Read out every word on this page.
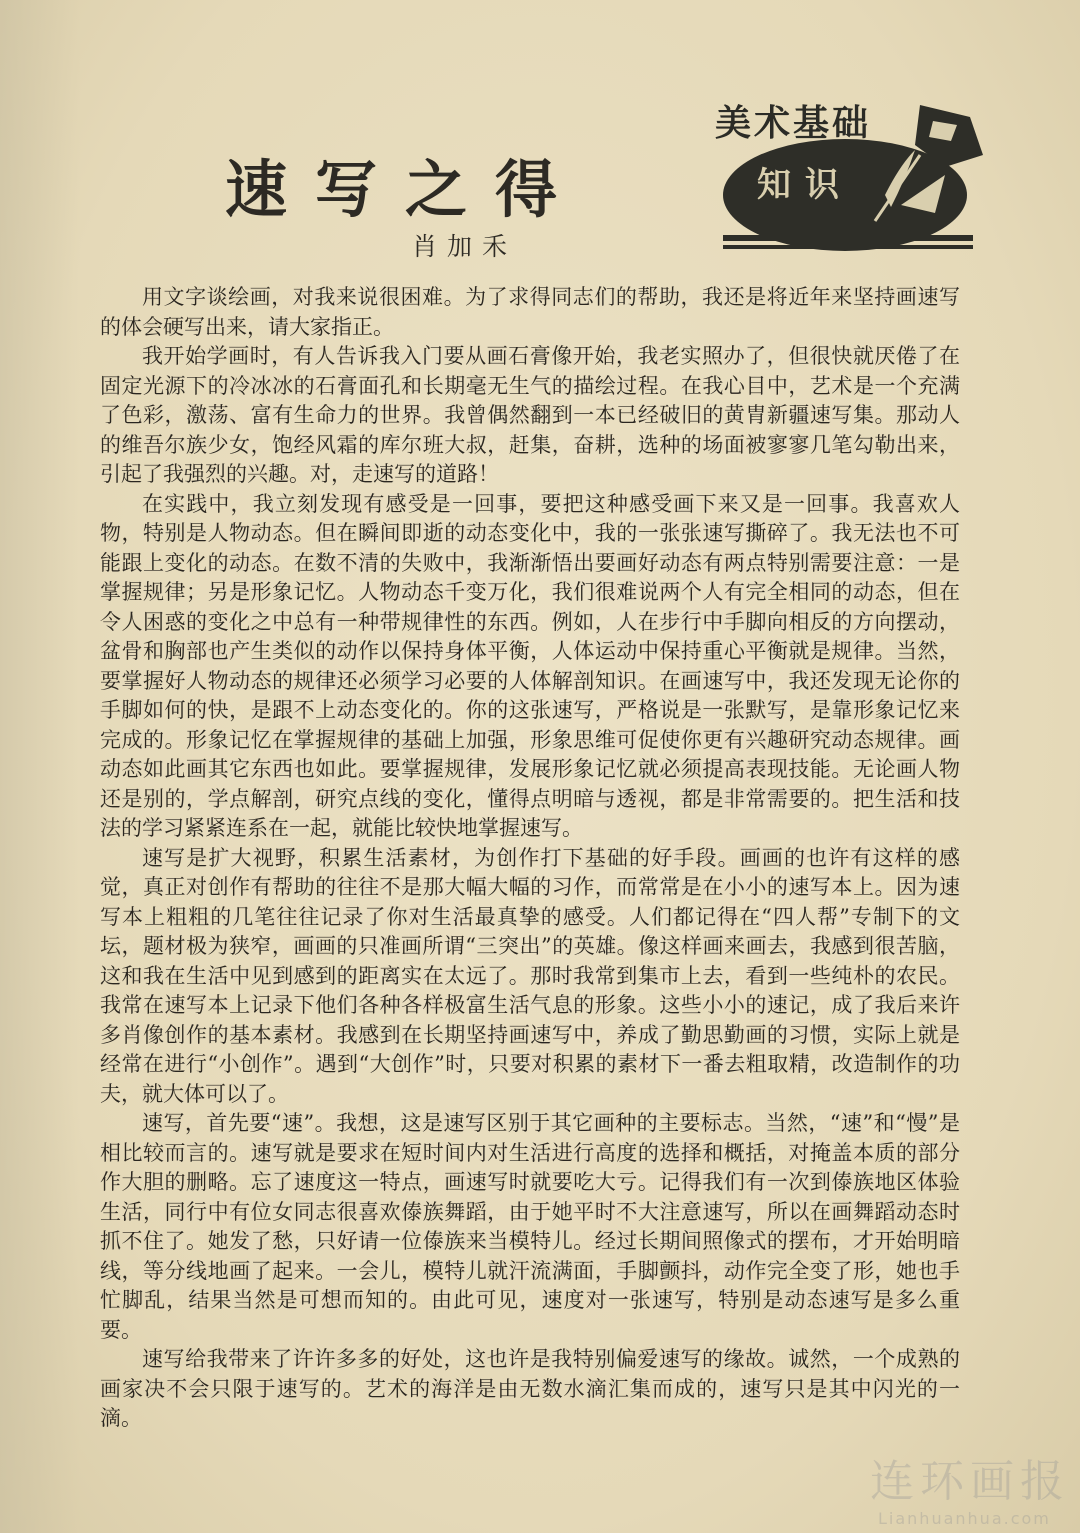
速写之得
肖加禾
美术基础
知识

用文字谈绘画，对我来说很困难。为了求得同志们的帮助，我还是将近年来坚持画速写的体会硬写出来，请大家指正。

我开始学画时，有人告诉我入门要从画石膏像开始，我老实照办了，但很快就厌倦了在固定光源下的冷冰冰的石膏面孔和长期毫无生气的描绘过程。在我心目中，艺术是一个充满了色彩，激荡、富有生命力的世界。我曾偶然翻到一本已经破旧的黄胄新疆速写集。那动人的维吾尔族少女，饱经风霜的库尔班大叔，赶集，奋耕，选种的场面被寥寥几笔勾勒出来，引起了我强烈的兴趣。对，走速写的道路！

在实践中，我立刻发现有感受是一回事，要把这种感受画下来又是一回事。我喜欢人物，特别是人物动态。但在瞬间即逝的动态变化中，我的一张张速写撕碎了。我无法也不可能跟上变化的动态。在数不清的失败中，我渐渐悟出要画好动态有两点特别需要注意：一是掌握规律；另是形象记忆。人物动态千变万化，我们很难说两个人有完全相同的动态，但在令人困惑的变化之中总有一种带规律性的东西。例如，人在步行中手脚向相反的方向摆动，盆骨和胸部也产生类似的动作以保持身体平衡，人体运动中保持重心平衡就是规律。当然，要掌握好人物动态的规律还必须学习必要的人体解剖知识。在画速写中，我还发现无论你的手脚如何的快，是跟不上动态变化的。你的这张速写，严格说是一张默写，是靠形象记忆来完成的。形象记忆在掌握规律的基础上加强，形象思维可促使你更有兴趣研究动态规律。画动态如此画其它东西也如此。要掌握规律，发展形象记忆就必须提高表现技能。无论画人物还是别的，学点解剖，研究点线的变化，懂得点明暗与透视，都是非常需要的。把生活和技法的学习紧紧连系在一起，就能比较快地掌握速写。

速写是扩大视野，积累生活素材，为创作打下基础的好手段。画画的也许有这样的感觉，真正对创作有帮助的往往不是那大幅大幅的习作，而常常是在小小的速写本上。因为速写本上粗粗的几笔往往记录了你对生活最真挚的感受。人们都记得在“四人帮”专制下的文坛，题材极为狭窄，画画的只准画所谓“三突出”的英雄。像这样画来画去，我感到很苦脑，这和我在生活中见到感到的距离实在太远了。那时我常到集市上去，看到一些纯朴的农民。我常在速写本上记录下他们各种各样极富生活气息的形象。这些小小的速记，成了我后来许多肖像创作的基本素材。我感到在长期坚持画速写中，养成了勤思勤画的习惯，实际上就是经常在进行“小创作”。遇到“大创作”时，只要对积累的素材下一番去粗取精，改造制作的功夫，就大体可以了。

速写，首先要“速”。我想，这是速写区别于其它画种的主要标志。当然，“速”和“慢”是相比较而言的。速写就是要求在短时间内对生活进行高度的选择和概括，对掩盖本质的部分作大胆的删略。忘了速度这一特点，画速写时就要吃大亏。记得我们有一次到傣族地区体验生活，同行中有位女同志很喜欢傣族舞蹈，由于她平时不大注意速写，所以在画舞蹈动态时抓不住了。她发了愁，只好请一位傣族来当模特儿。经过长期间照像式的摆布，才开始明暗线，等分线地画了起来。一会儿，模特儿就汗流满面，手脚颤抖，动作完全变了形，她也手忙脚乱，结果当然是可想而知的。由此可见，速度对一张速写，特别是动态速写是多么重要。

速写给我带来了许许多多的好处，这也许是我特别偏爱速写的缘故。诚然，一个成熟的画家决不会只限于速写的。艺术的海洋是由无数水滴汇集而成的，速写只是其中闪光的一滴。

连环画报
Lianhuanhua.com
